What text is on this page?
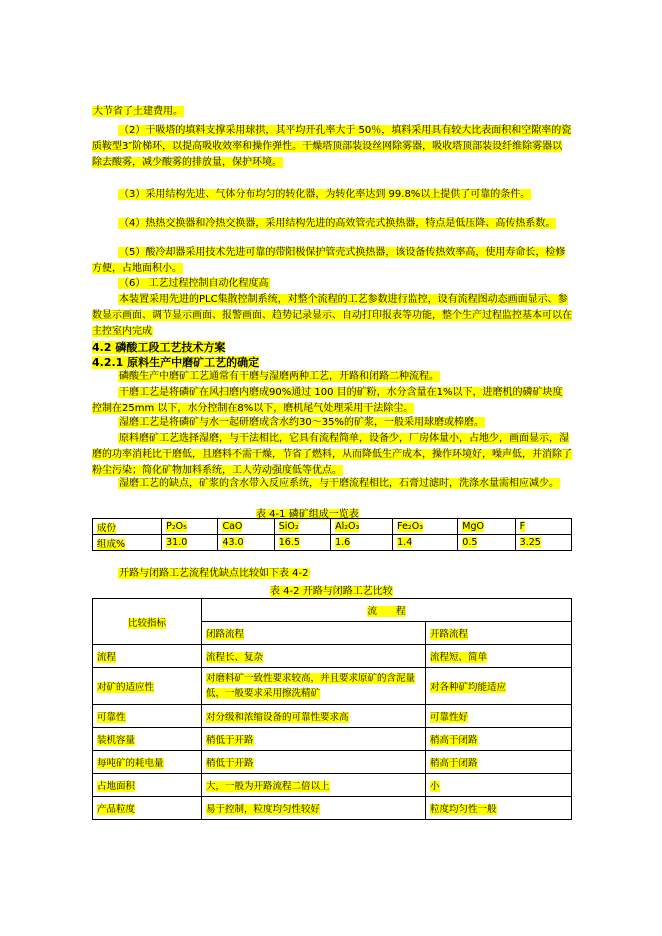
大节省了土建费用。

（2）干吸塔的填料支撑采用球拱，其平均开孔率大于 50％，填料采用具有较大比表面积和空隙率的瓷质鞍型3″阶梯环，以提高吸收效率和操作弹性。干燥塔顶部装设丝网除雾器，吸收塔顶部装设纤维除雾器以除去酸雾，减少酸雾的排放量，保护环境。

（3）采用结构先进、气体分布均匀的转化器，为转化率达到 99.8%以上提供了可靠的条件。

（4）热热交换器和冷热交换器，采用结构先进的高效管壳式换热器，特点是低压降、高传热系数。

（5）酸冷却器采用技术先进可靠的带阳极保护管壳式换热器，该设备传热效率高，使用寿命长，检修方便，占地面积小。

（6） 工艺过程控制自动化程度高

本装置采用先进的PLC集散控制系统，对整个流程的工艺参数进行监控，设有流程图动态画面显示、参数显示画面、调节显示画面、报警画面、趋势记录显示、自动打印报表等功能，整个生产过程监控基本可以在主控室内完成

4.2 磷酸工段工艺技术方案
4.2.1 原料生产中磨矿工艺的确定

磷酸生产中磨矿工艺通常有干磨与湿磨两种工艺，开路和闭路二种流程。

干磨工艺是将磷矿在风扫磨内磨成90%通过 100 目的矿粉，水分含量在1%以下，进磨机的磷矿块度控制在25mm 以下，水分控制在8%以下，磨机尾气处理采用干法除尘。

湿磨工艺是将磷矿与水一起研磨成含水约30～35%的矿浆，一般采用球磨或棒磨。

原料磨矿工艺选择湿磨，与干法相比，它具有流程简单，设备少，厂房体量小，占地少，画面显示，湿磨的功率消耗比干磨低，且磨料不需干燥，节省了燃料，从而降低生产成本，操作环境好，噪声低，并消除了粉尘污染；简化矿物加料系统，工人劳动强度低等优点。

湿磨工艺的缺点，矿浆的含水带入反应系统，与干磨流程相比，石膏过滤时，洗涤水量需相应减少。

表 4-1 磷矿组成一览表
成份	P₂O₅	CaO	SiO₂	Al₂O₃	Fe₂O₃	MgO	F
组成%	31.0	43.0	16.5	1.6	1.4	0.5	3.25

开路与闭路工艺流程优缺点比较如下表 4-2

表 4-2 开路与闭路工艺比较
比较指标	流　　程	
	闭路流程	开路流程
流程	流程长、复杂	流程短、简单
对矿的适应性	对磨料矿一致性要求较高，并且要求原矿的含泥量低，一般要求采用擦洗精矿	对各种矿均能适应
可靠性	对分级和浓缩设备的可靠性要求高	可靠性好
装机容量	稍低于开路	稍高于闭路
每吨矿的耗电量	稍低于开路	稍高于闭路
占地面积	大，一般为开路流程二倍以上	小
产品粒度	易于控制，粒度均匀性较好	粒度均匀性一般
